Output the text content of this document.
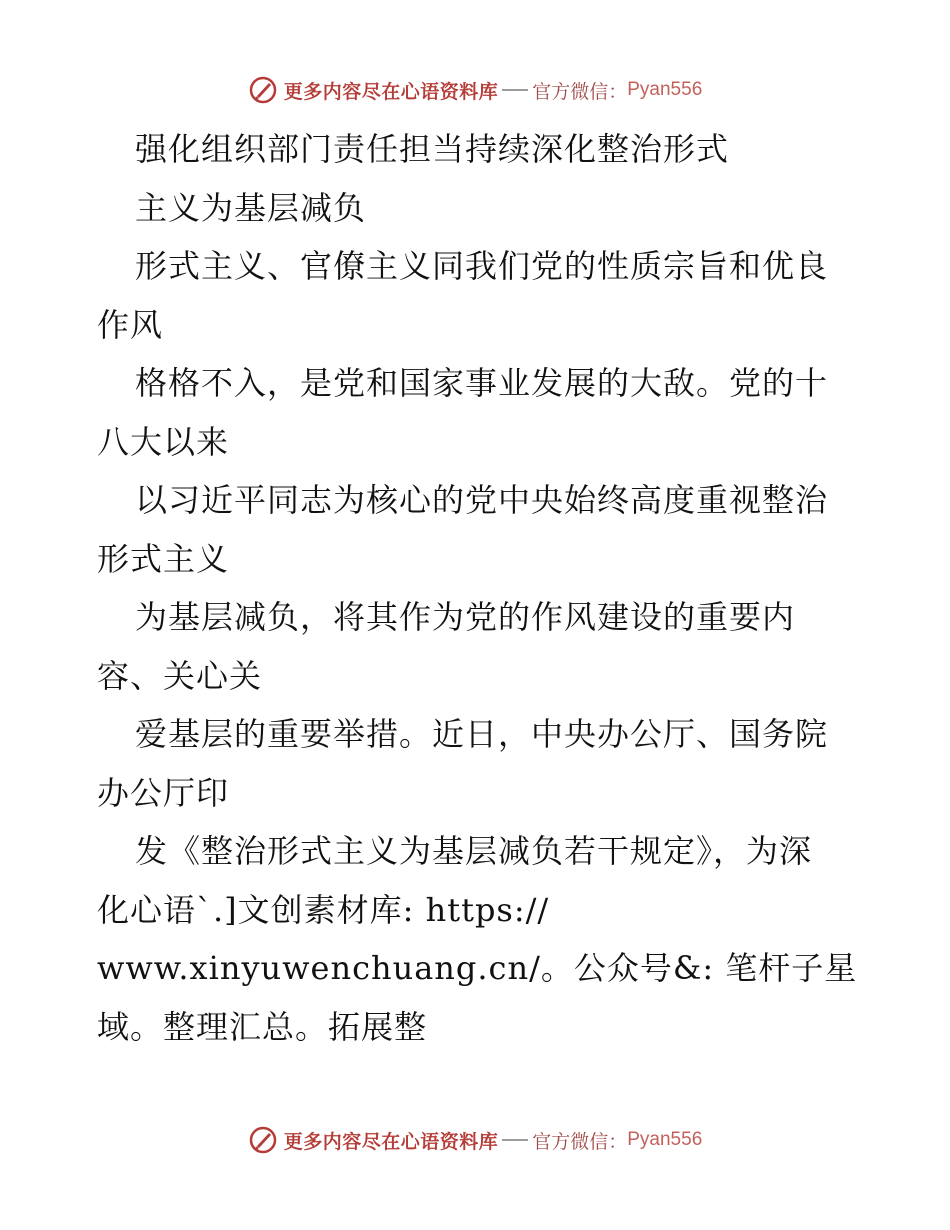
更多内容尽在心语资料库 官方微信： Pyan556
强化组织部门责任担当持续深化整治形式
主义为基层减负
形式主义、官僚主义同我们党的性质宗旨和优良
作风
格格不入，是党和国家事业发展的大敌。党的十
八大以来
以习近平同志为核心的党中央始终高度重视整治
形式主义
为基层减负，将其作为党的作风建设的重要内
容、关心关
爱基层的重要举措。近日，中央办公厅、国务院
办公厅印
发《整治形式主义为基层减负若干规定》，为深
化心语`.]文创素材库: https://
www.xinyuwenchuang.cn/。公众号&: 笔杆子星
域。整理汇总。拓展整
更多内容尽在心语资料库 官方微信： Pyan556
